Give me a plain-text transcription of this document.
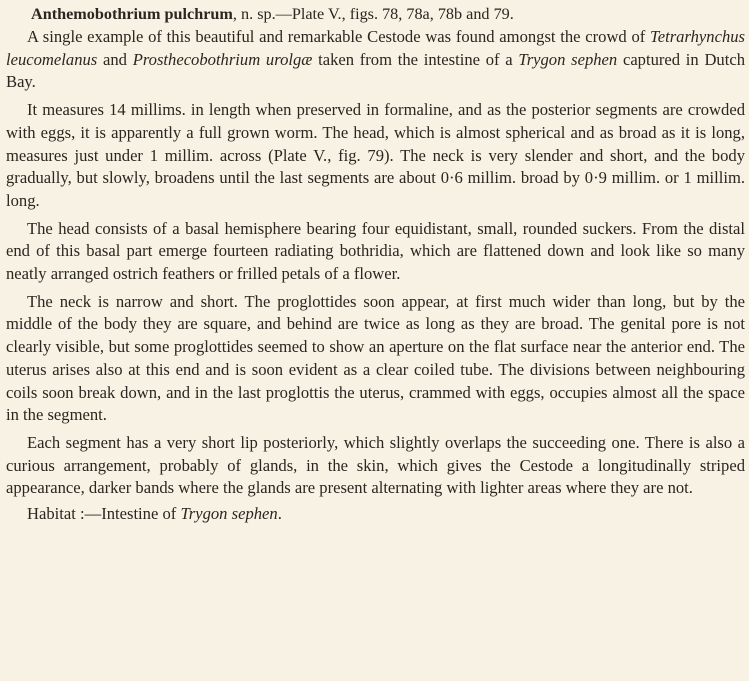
Anthemobothrium pulchrum, n. sp.—Plate V., figs. 78, 78a, 78b and 79.

A single example of this beautiful and remarkable Cestode was found amongst the crowd of Tetrarhynchus leucomelanus and Prosthecobothrium urolgæ taken from the intestine of a Trygon sephen captured in Dutch Bay.

It measures 14 millims. in length when preserved in formaline, and as the posterior segments are crowded with eggs, it is apparently a full grown worm. The head, which is almost spherical and as broad as it is long, measures just under 1 millim. across (Plate V., fig. 79). The neck is very slender and short, and the body gradually, but slowly, broadens until the last segments are about 0·6 millim. broad by 0·9 millim. or 1 millim. long.

The head consists of a basal hemisphere bearing four equidistant, small, rounded suckers. From the distal end of this basal part emerge fourteen radiating bothridia, which are flattened down and look like so many neatly arranged ostrich feathers or frilled petals of a flower.

The neck is narrow and short. The proglottides soon appear, at first much wider than long, but by the middle of the body they are square, and behind are twice as long as they are broad. The genital pore is not clearly visible, but some proglottides seemed to show an aperture on the flat surface near the anterior end. The uterus arises also at this end and is soon evident as a clear coiled tube. The divisions between neighbouring coils soon break down, and in the last proglottis the uterus, crammed with eggs, occupies almost all the space in the segment.

Each segment has a very short lip posteriorly, which slightly overlaps the succeeding one. There is also a curious arrangement, probably of glands, in the skin, which gives the Cestode a longitudinally striped appearance, darker bands where the glands are present alternating with lighter areas where they are not.

Habitat :—Intestine of Trygon sephen.
